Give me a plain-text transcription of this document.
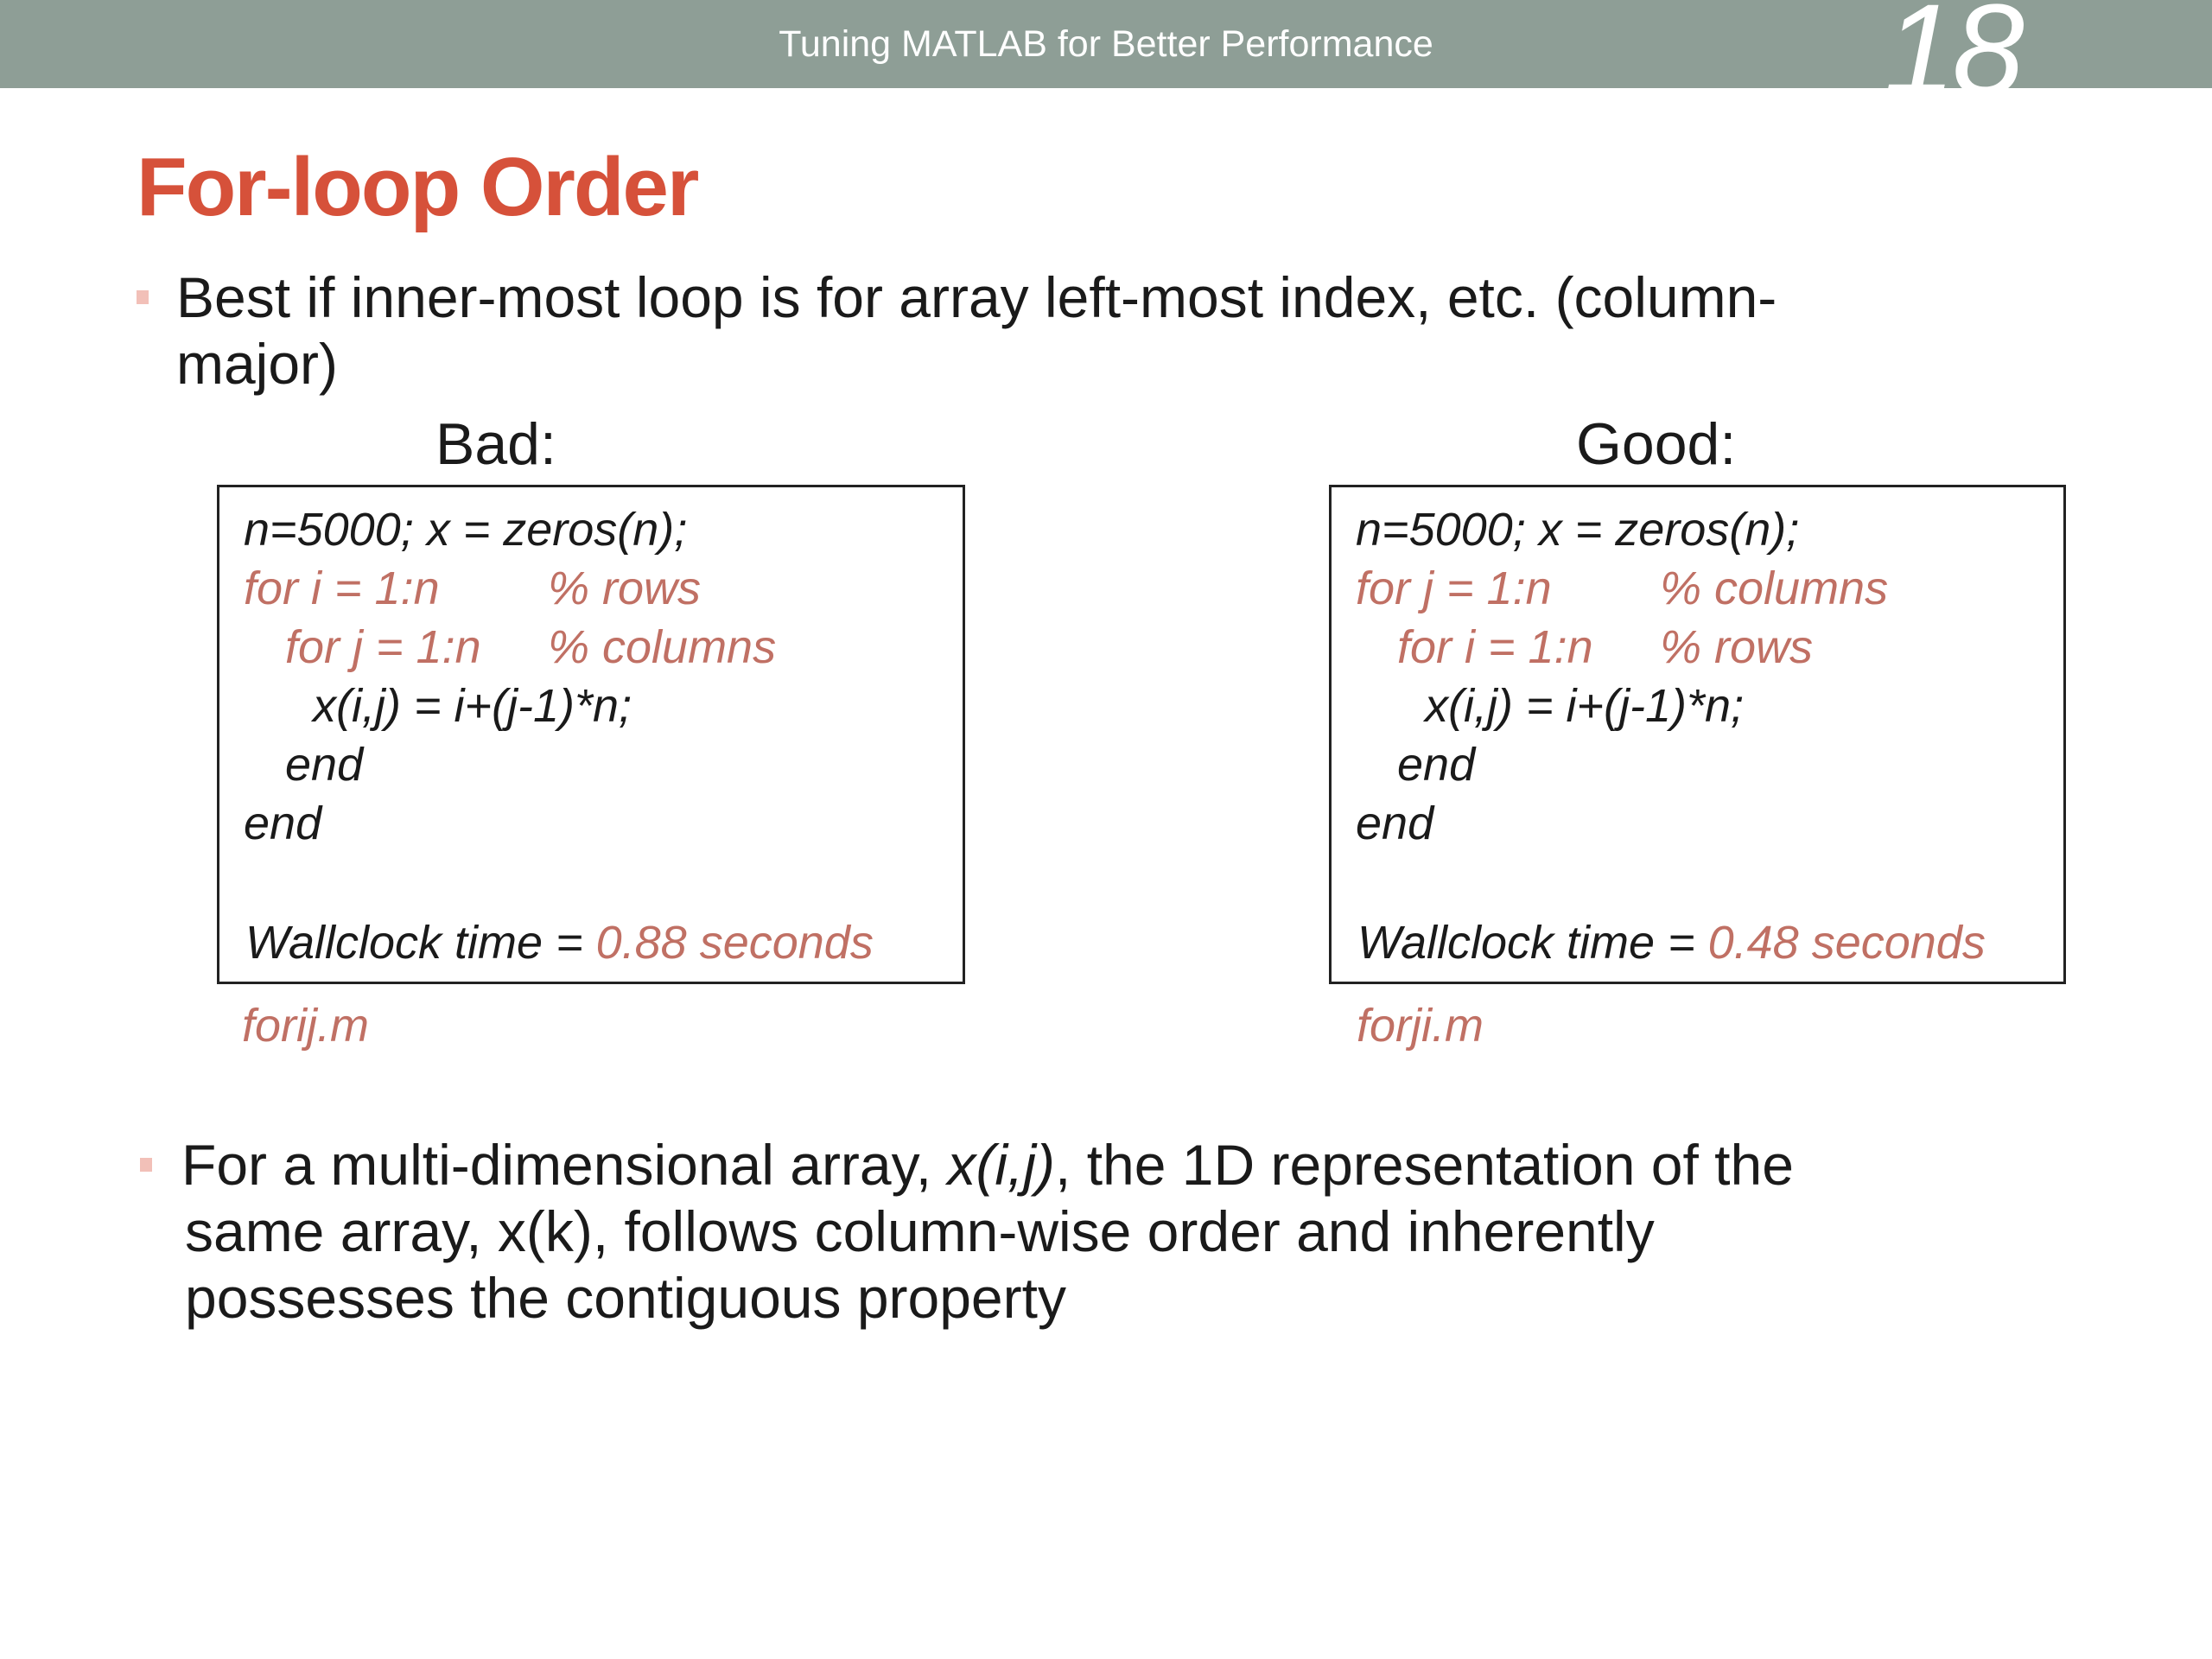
Tuning MATLAB for Better Performance	18
For-loop Order
Best if inner-most loop is for array left-most index, etc. (column-
major)
Bad:
n=5000; x = zeros(n);
for i = 1:n % rows
for j = 1:n % columns
x(i,j) = i+(j-1)*n;
end
end
Wallclock time = 0.88 seconds
forij.m
Good:
n=5000; x = zeros(n);
for j = 1:n % columns
for i = 1:n % rows
x(i,j) = i+(j-1)*n;
end
end
Wallclock time = 0.48 seconds
forji.m
For a multi-dimensional array, x(i,j), the 1D representation of the
same array, x(k), follows column-wise order and inherently
possesses the contiguous property
